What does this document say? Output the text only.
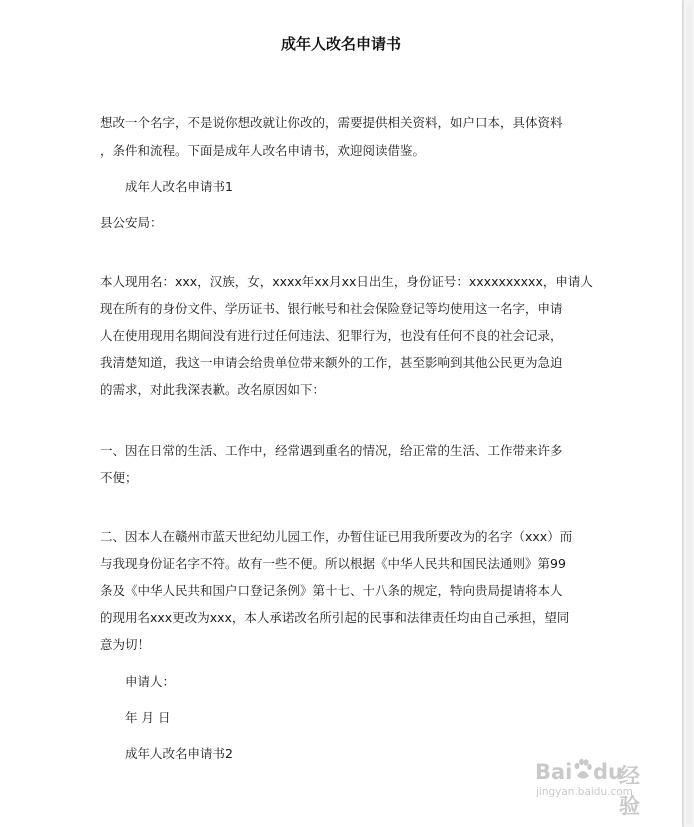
成年人改名申请书
想改一个名字，不是说你想改就让你改的，需要提供相关资料，如户口本，具体资料
，条件和流程。下面是成年人改名申请书，欢迎阅读借鉴。
成年人改名申请书1
县公安局：
本人现用名：xxx，汉族，女，xxxx年xx月xx日出生，身份证号：xxxxxxxxxx，申请人
现在所有的身份文件、学历证书、银行帐号和社会保险登记等均使用这一名字，申请
人在使用现用名期间没有进行过任何违法、犯罪行为，也没有任何不良的社会记录，
我清楚知道，我这一申请会给贵单位带来额外的工作，甚至影响到其他公民更为急迫
的需求，对此我深表歉。改名原因如下：
一、因在日常的生活、工作中，经常遇到重名的情况，给正常的生活、工作带来许多
不便；
二、因本人在赣州市蓝天世纪幼儿园工作，办暂住证已用我所要改为的名字（xxx）而
与我现身份证名字不符。故有一些不便。所以根据《中华人民共和国民法通则》第99
条及《中华人民共和国户口登记条例》第十七、十八条的规定，特向贵局提请将本人
的现用名xxx更改为xxx，本人承诺改名所引起的民事和法律责任均由自己承担，望同
意为切！
申请人：
年 月 日
成年人改名申请书2
Bai du
经验
jingyan.baidu.com
